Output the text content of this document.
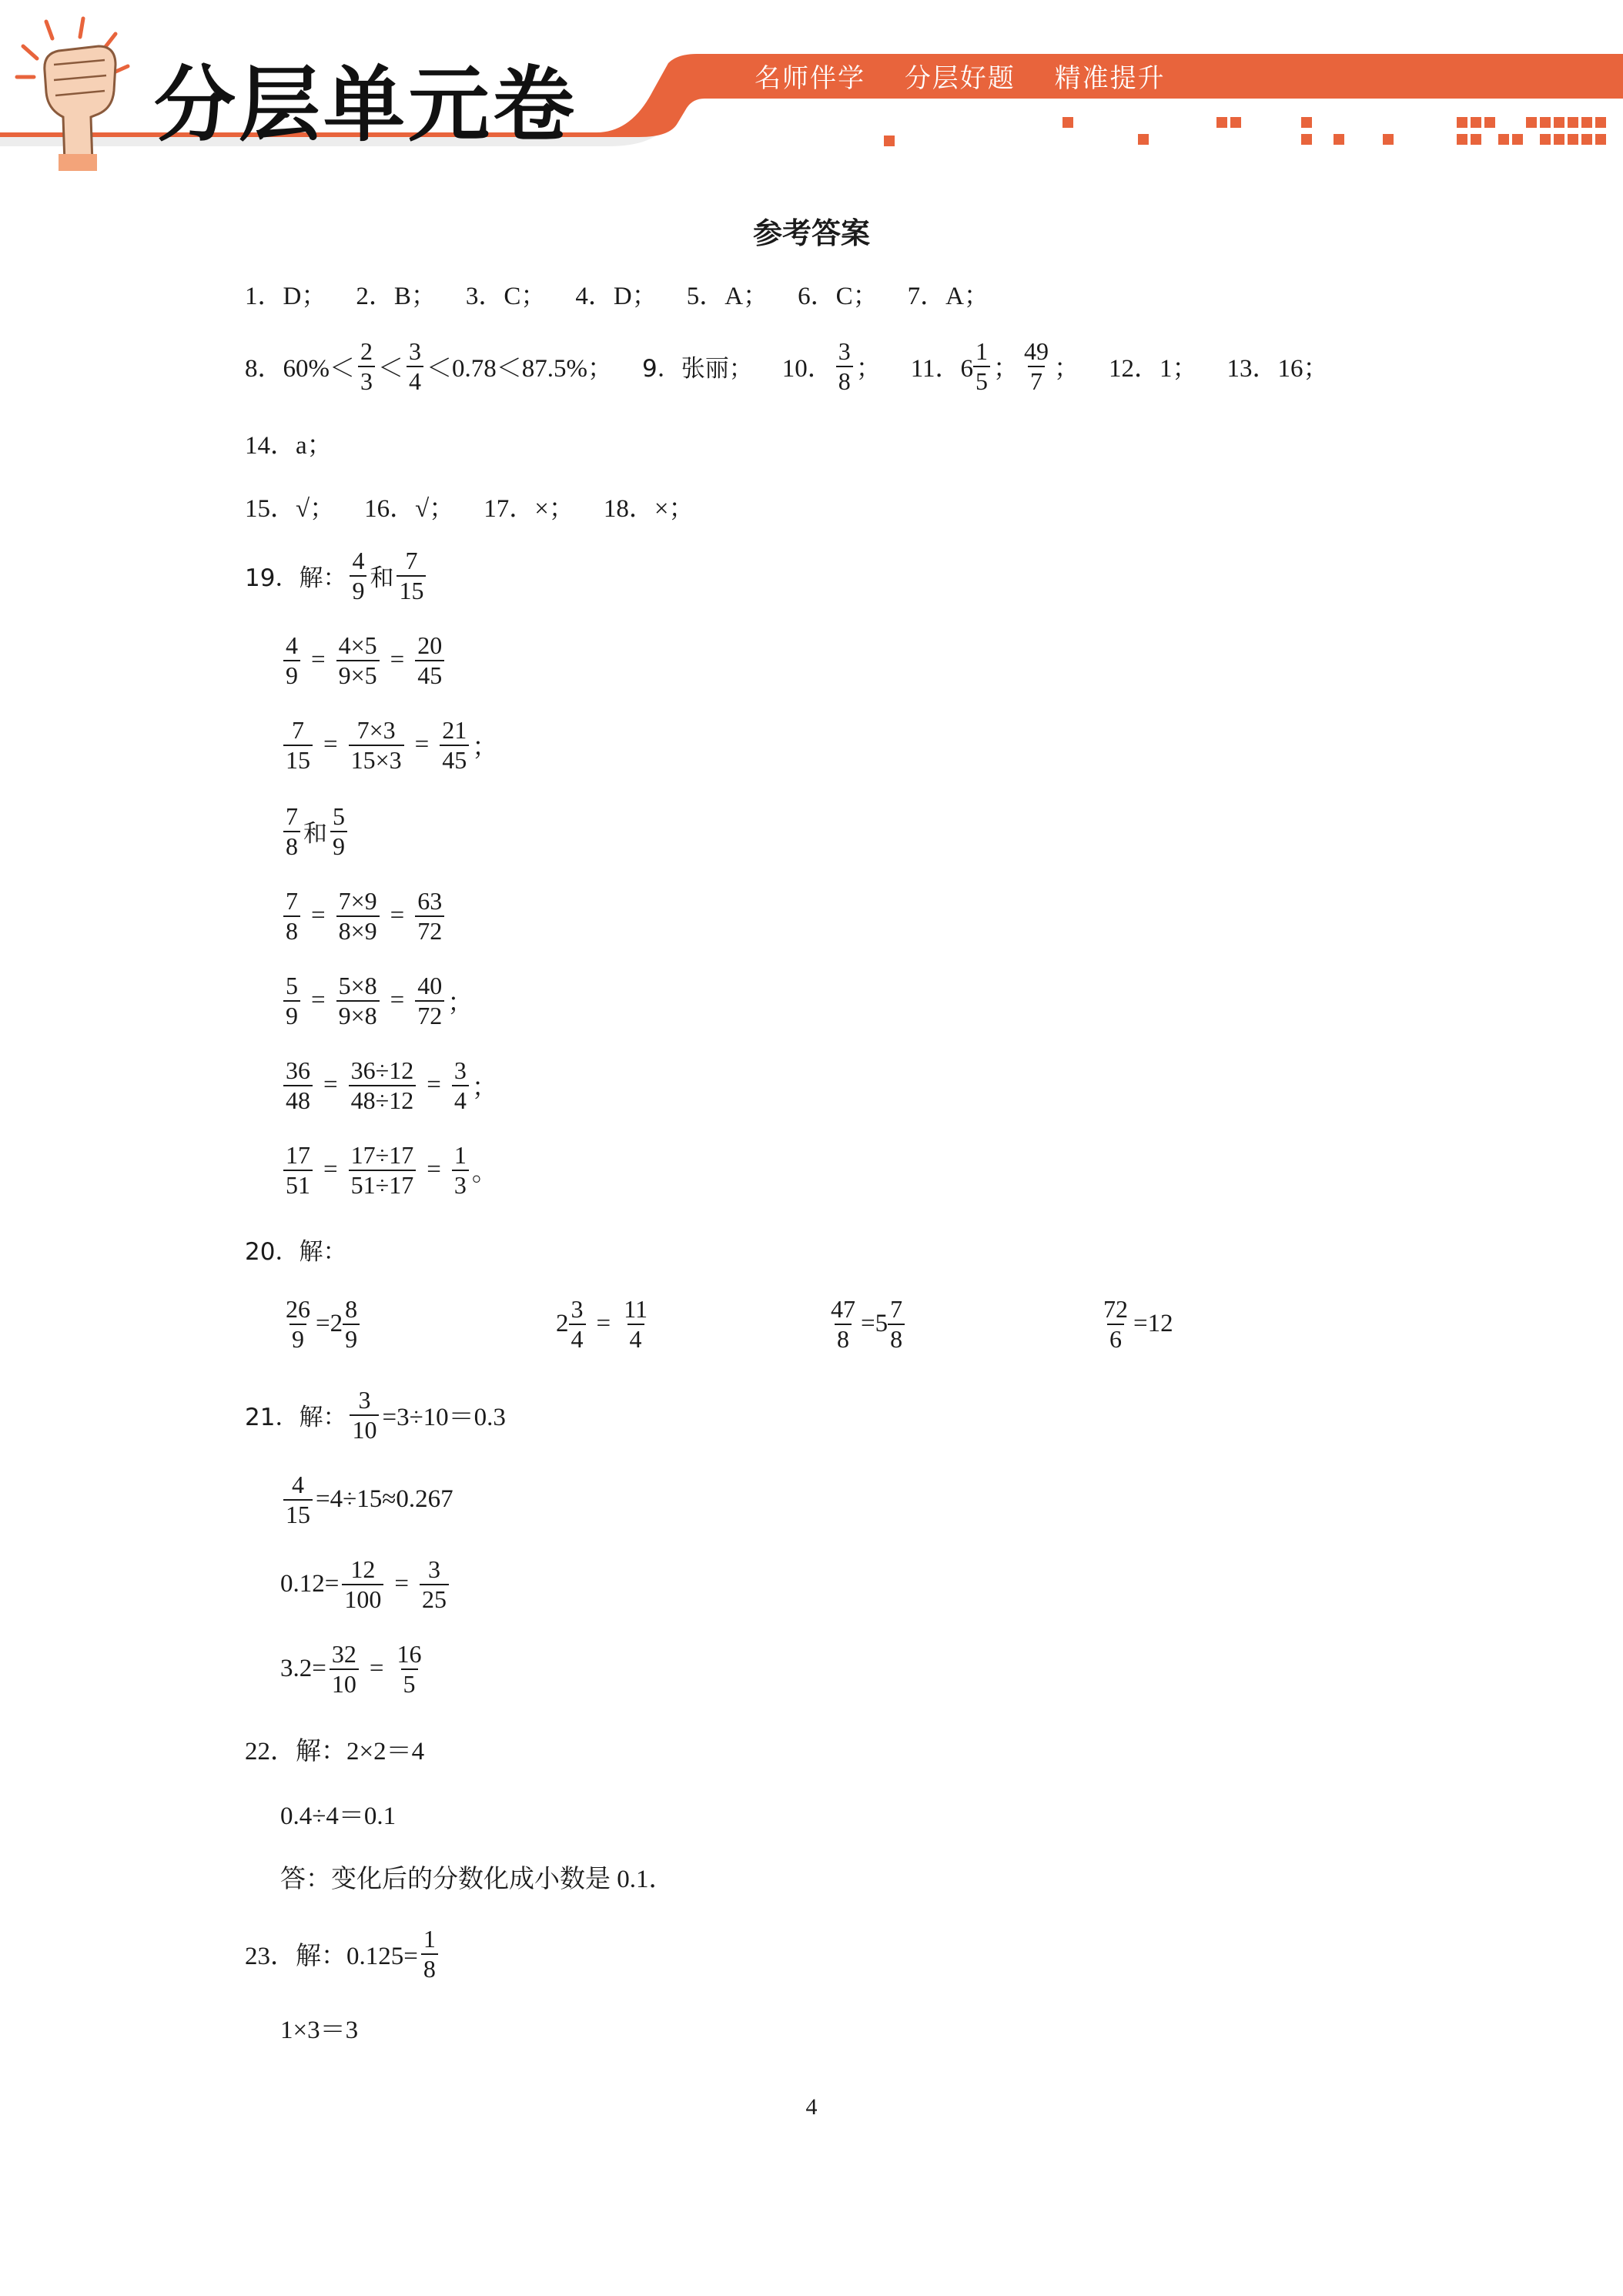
分层单元卷	名师伴学 分层好题 精准提升
参考答案
1．D； 2．B； 3．C； 4．D； 5．A； 6．C； 7．A；
8．$60\%< \frac{2}{3} < \frac{3}{4} <0.78<87.5\%$； 9．张丽； 10． $\frac{3}{8}$ ； 11．$6 \frac{1}{5}$ ； $\frac{49}{7}$ ； 12．1； 13．16；
14．a；
15．√； 16．√； 17．×； 18．×；
19．解： $\frac{4}{9}$ 和 $\frac{7}{15}$
$\frac{4}{9} = \frac{4\times 5}{9\times 5} = \frac{20}{45}$
$\frac{7}{15} = \frac{7\times 3}{15\times 3} = \frac{21}{45}$ ；
$\frac{7}{8}$ 和 $\frac{5}{9}$
$\frac{7}{8} = \frac{7\times 9}{8\times 9} = \frac{63}{72}$
$\frac{5}{9} = \frac{5\times 8}{9\times 8} = \frac{40}{72}$ ；
$\frac{36}{48} = \frac{36\div 12}{48\div 12} = \frac{3}{4}$ ；
$\frac{17}{51} = \frac{17\div 17}{51\div 17} = \frac{1}{3}$ 。
20．解：
$\frac{26}{9} =2 \frac{8}{9}$	$2 \frac{3}{4} = \frac{11}{4}$	$\frac{47}{8} =5 \frac{7}{8}$	$\frac{72}{6} =12$
21．解： $\frac{3}{10} =3\div 10=0.3$
$\frac{4}{15} =4\div 15\approx 0.267$
$0.12= \frac{12}{100} = \frac{3}{25}$
$3.2= \frac{32}{10} = \frac{16}{5}$
22．解：2×2＝4
0.4÷4＝0.1
答：变化后的分数化成小数是 0.1．
23．解：$0.125= \frac{1}{8}$
1×3＝3
4
